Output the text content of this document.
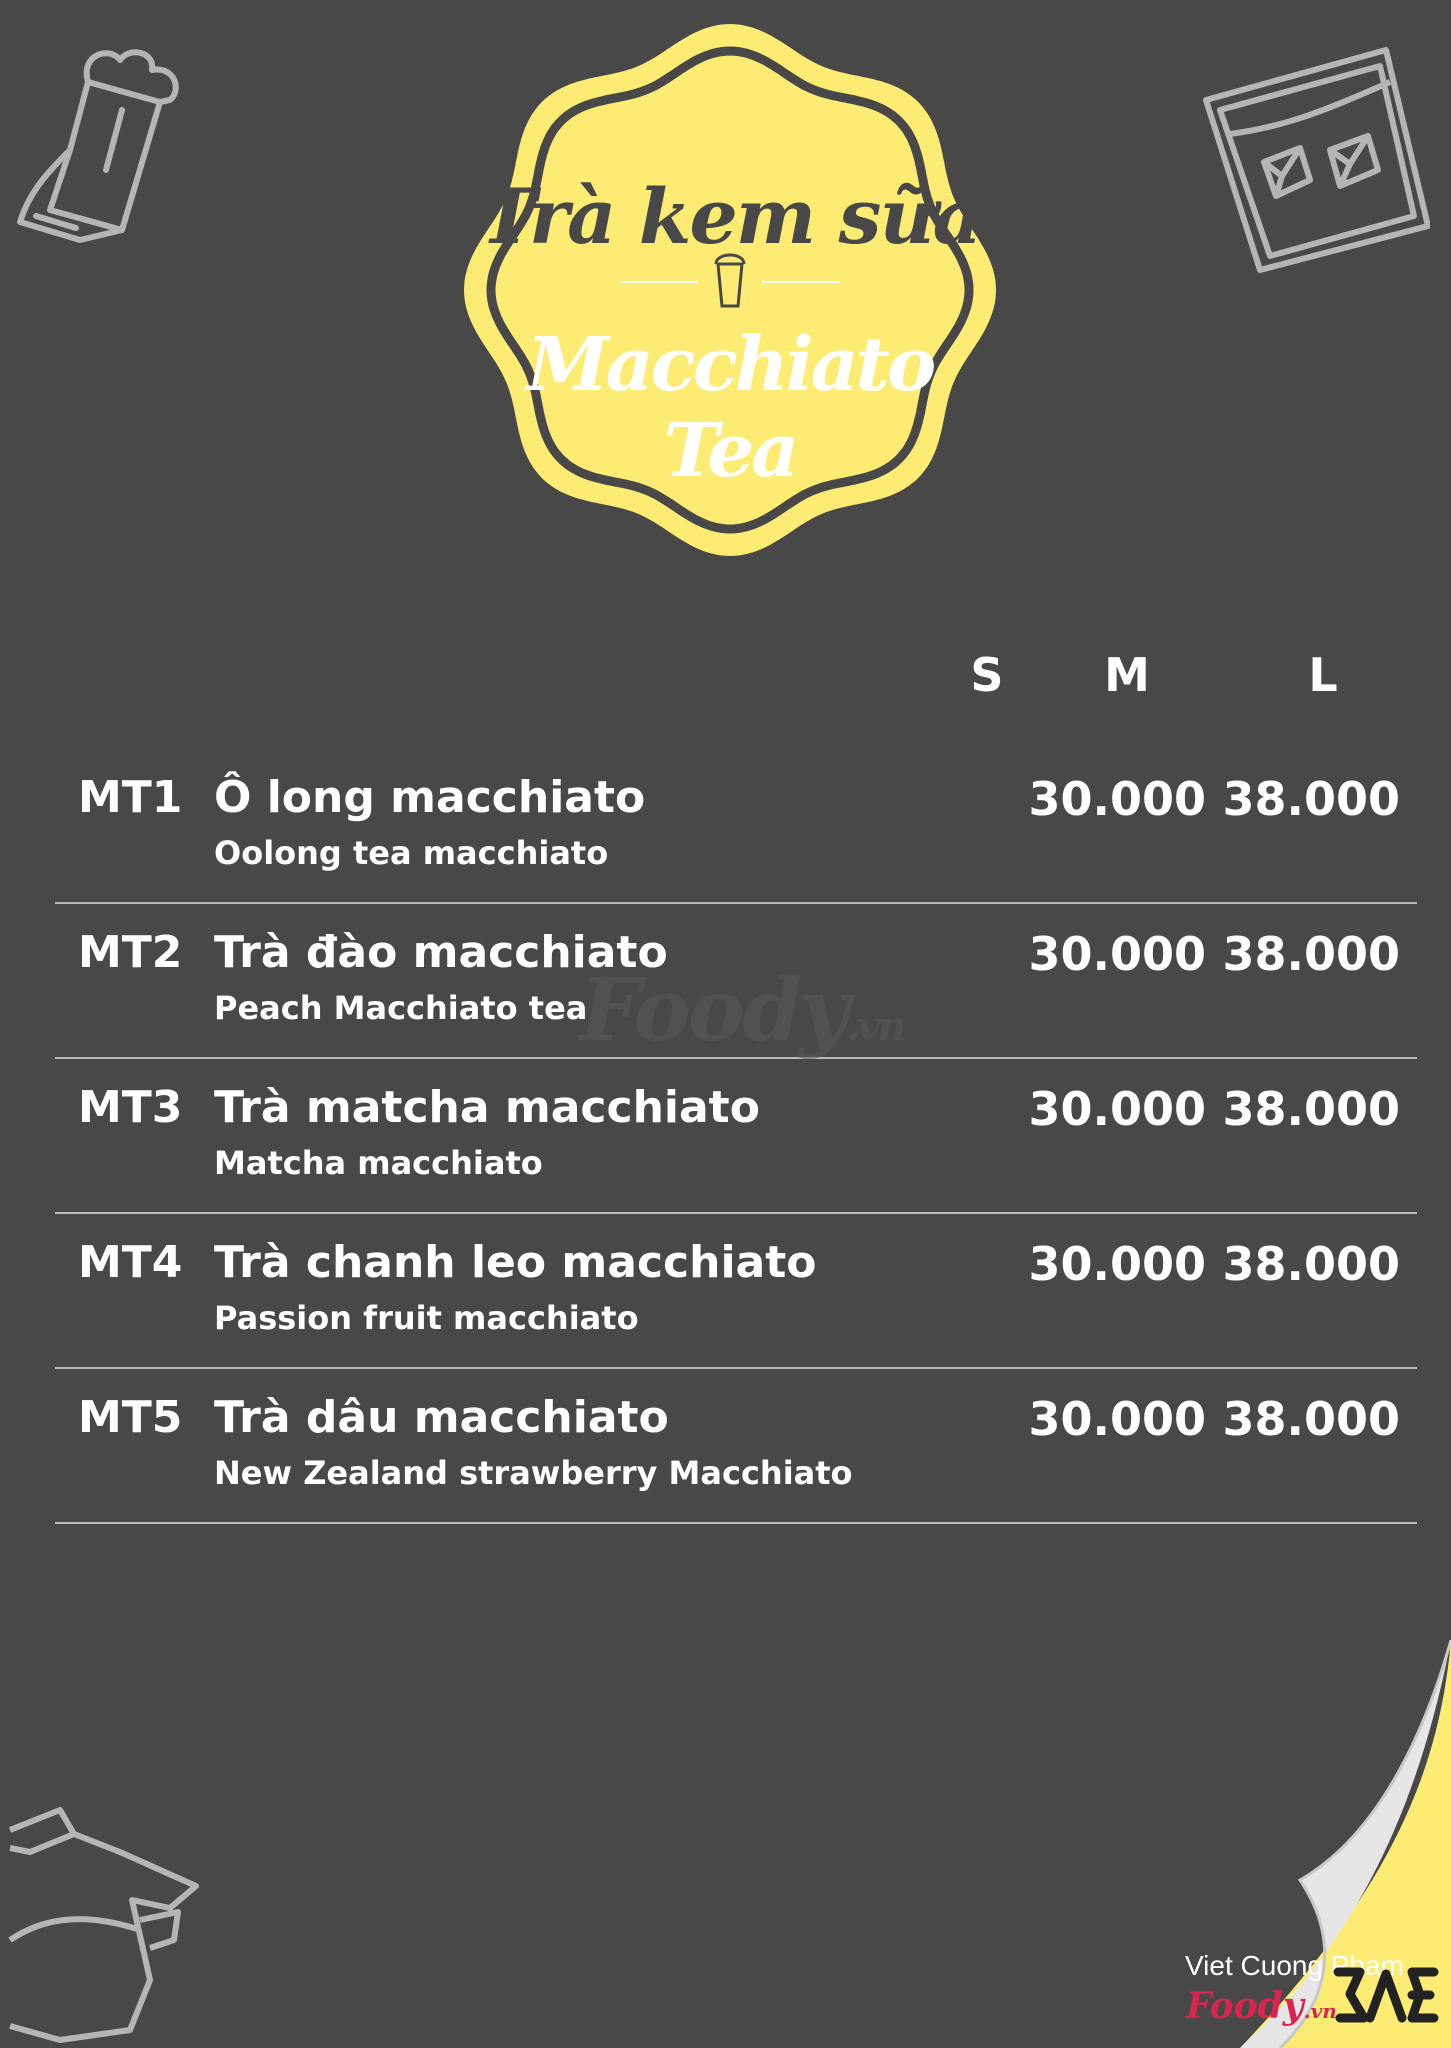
Trà kem sữa
Macchiato Tea
S	M	L
MT1 Ô long macchiato
Oolong tea macchiato
30.000 38.000
MT2 Trà đào macchiato
Peach Macchiato tea
30.000 38.000
MT3 Trà matcha macchiato
Matcha macchiato
30.000 38.000
MT4 Trà chanh leo macchiato
Passion fruit macchiato
30.000 38.000
MT5 Trà dâu macchiato
New Zealand strawberry Macchiato
30.000 38.000
Foody.vn
Viet Cuong Pham
Foody.vn
